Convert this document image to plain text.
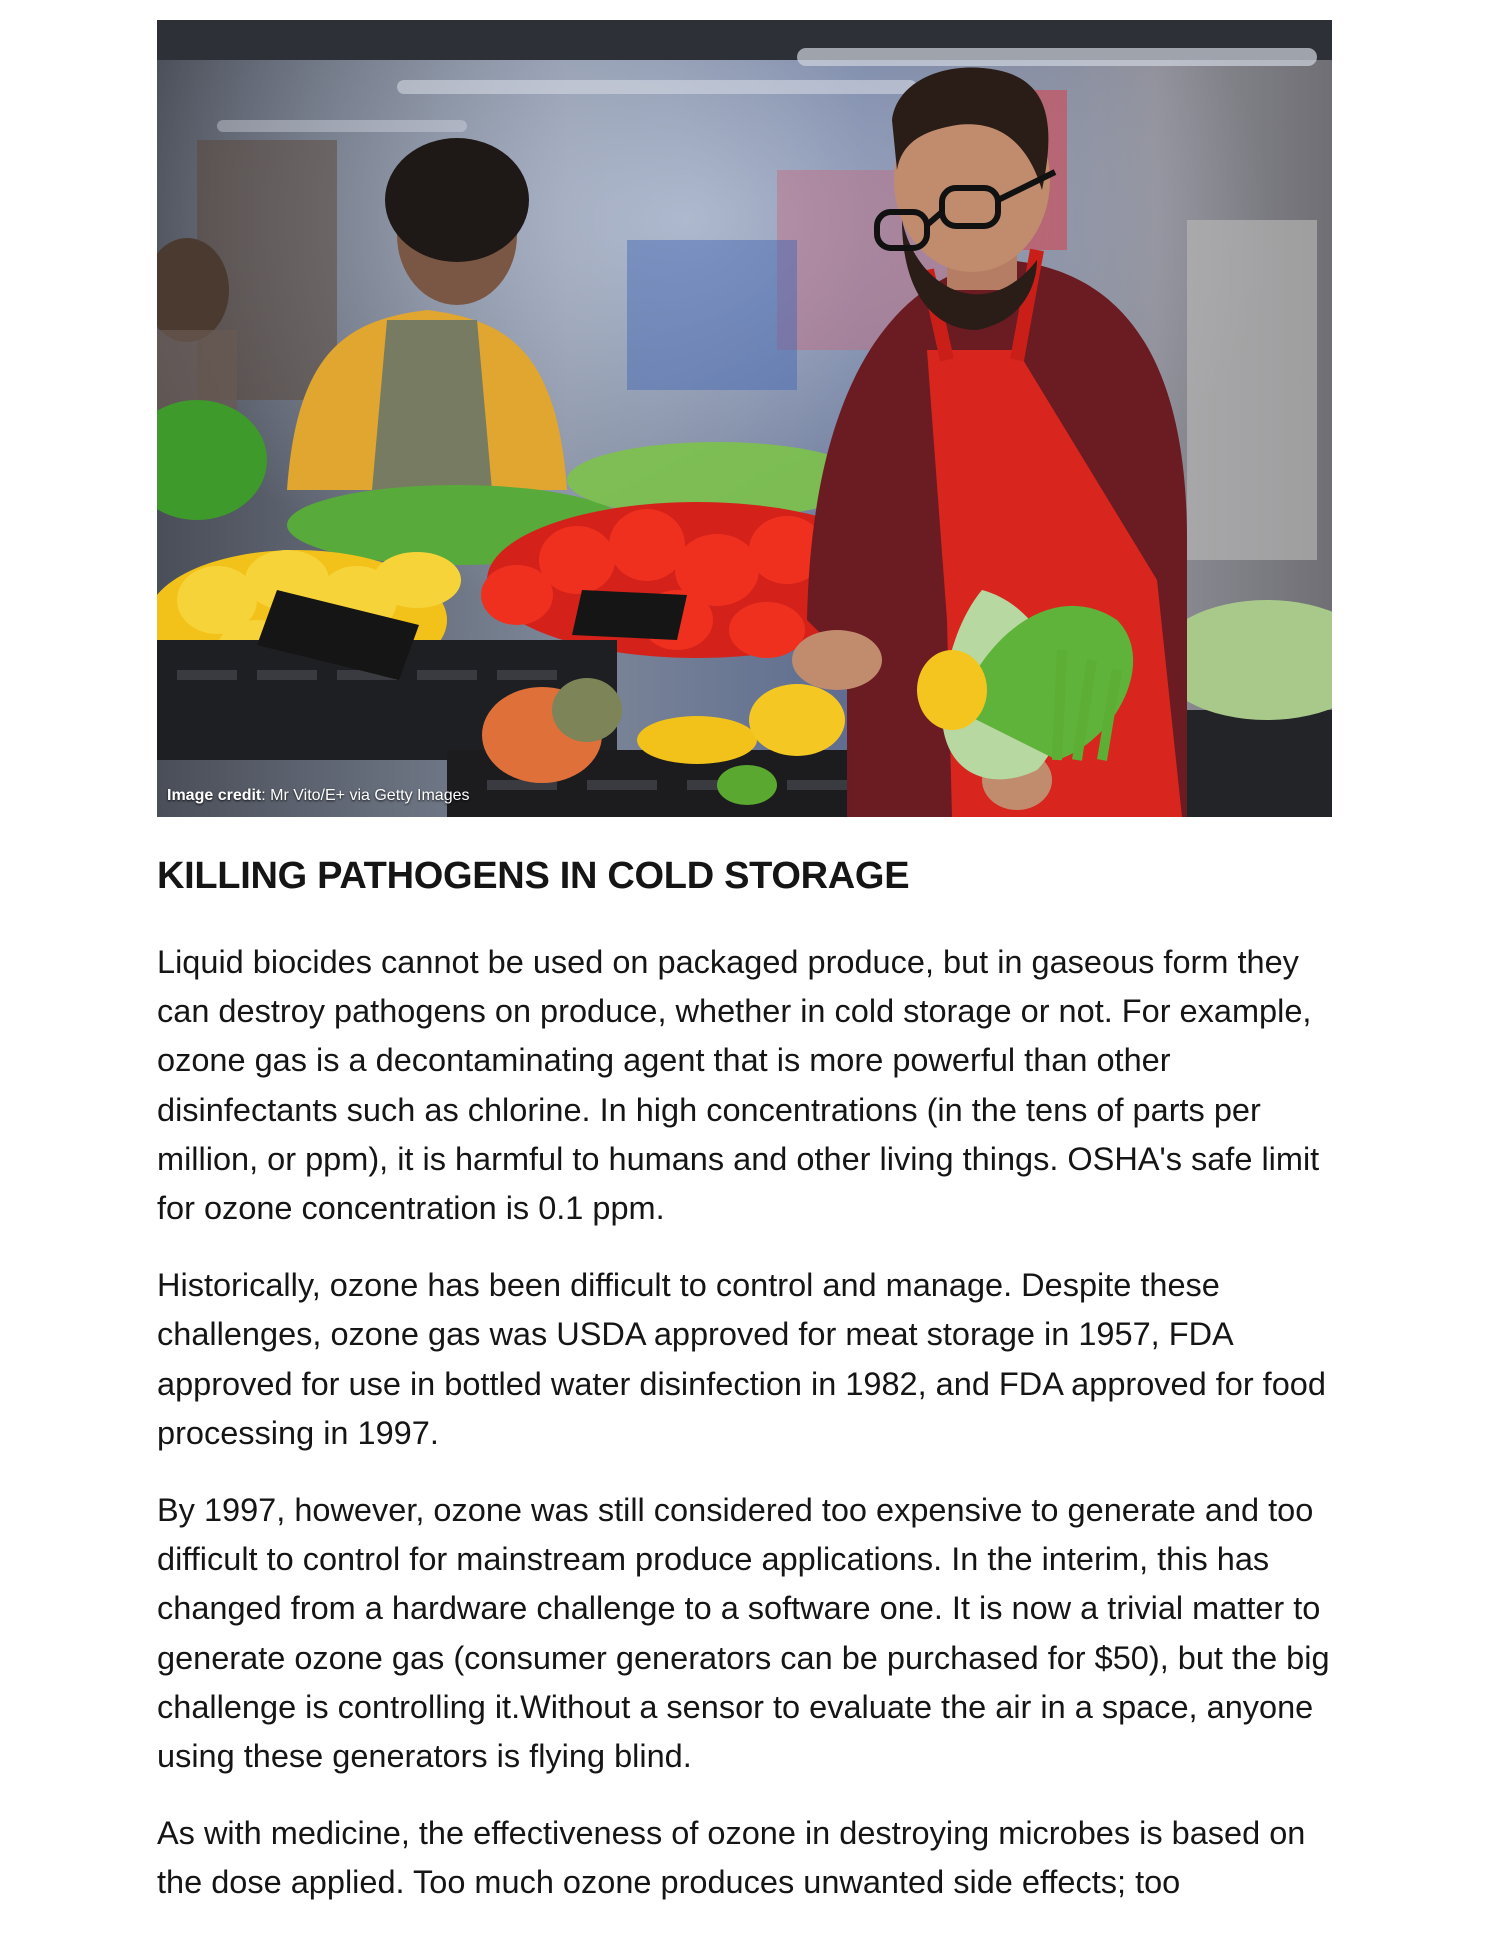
Image credit: Mr Vito/E+ via Getty Images
KILLING PATHOGENS IN COLD STORAGE

Liquid biocides cannot be used on packaged produce, but in gaseous form they can destroy pathogens on produce, whether in cold storage or not. For example, ozone gas is a decontaminating agent that is more powerful than other disinfectants such as chlorine. In high concentrations (in the tens of parts per million, or ppm), it is harmful to humans and other living things. OSHA's safe limit for ozone concentration is 0.1 ppm.

Historically, ozone has been difficult to control and manage. Despite these challenges, ozone gas was USDA approved for meat storage in 1957, FDA approved for use in bottled water disinfection in 1982, and FDA approved for food processing in 1997.

By 1997, however, ozone was still considered too expensive to generate and too difficult to control for mainstream produce applications. In the interim, this has changed from a hardware challenge to a software one. It is now a trivial matter to generate ozone gas (consumer generators can be purchased for $50), but the big challenge is controlling it.Without a sensor to evaluate the air in a space, anyone using these generators is flying blind.

As with medicine, the effectiveness of ozone in destroying microbes is based on the dose applied. Too much ozone produces unwanted side effects; too
